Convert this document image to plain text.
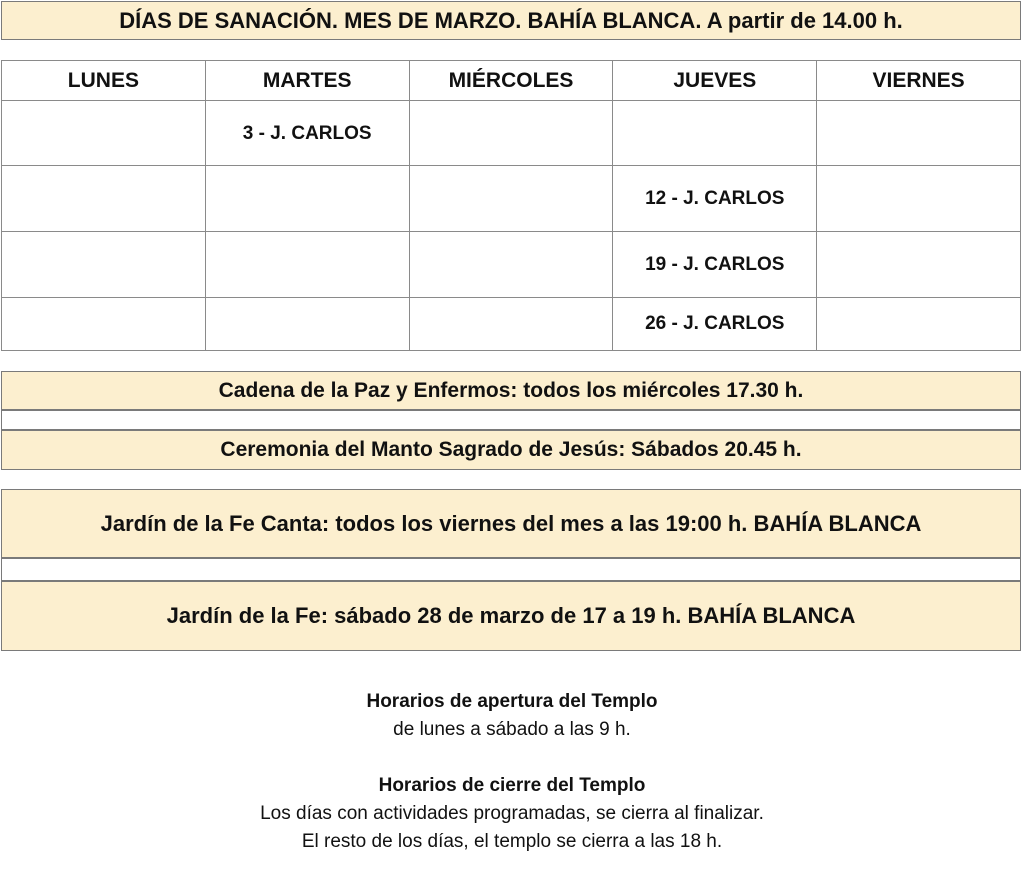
DÍAS DE SANACIÓN. MES DE MARZO. BAHÍA BLANCA. A partir de 14.00 h.
LUNES	MARTES	MIÉRCOLES	JUEVES	VIERNES
	3 - J. CARLOS			
			12 - J. CARLOS	
			19 - J. CARLOS	
			26 - J. CARLOS	
Cadena de la Paz y Enfermos: todos los miércoles 17.30 h.
Ceremonia del Manto Sagrado de Jesús: Sábados 20.45 h.
Jardín de la Fe Canta: todos los viernes del mes a las 19:00 h. BAHÍA BLANCA
Jardín de la Fe: sábado 28 de marzo de 17 a 19 h. BAHÍA BLANCA
Horarios de apertura del Templo
de lunes a sábado a las 9 h.
Horarios de cierre del Templo
Los días con actividades programadas, se cierra al finalizar.
El resto de los días, el templo se cierra a las 18 h.
